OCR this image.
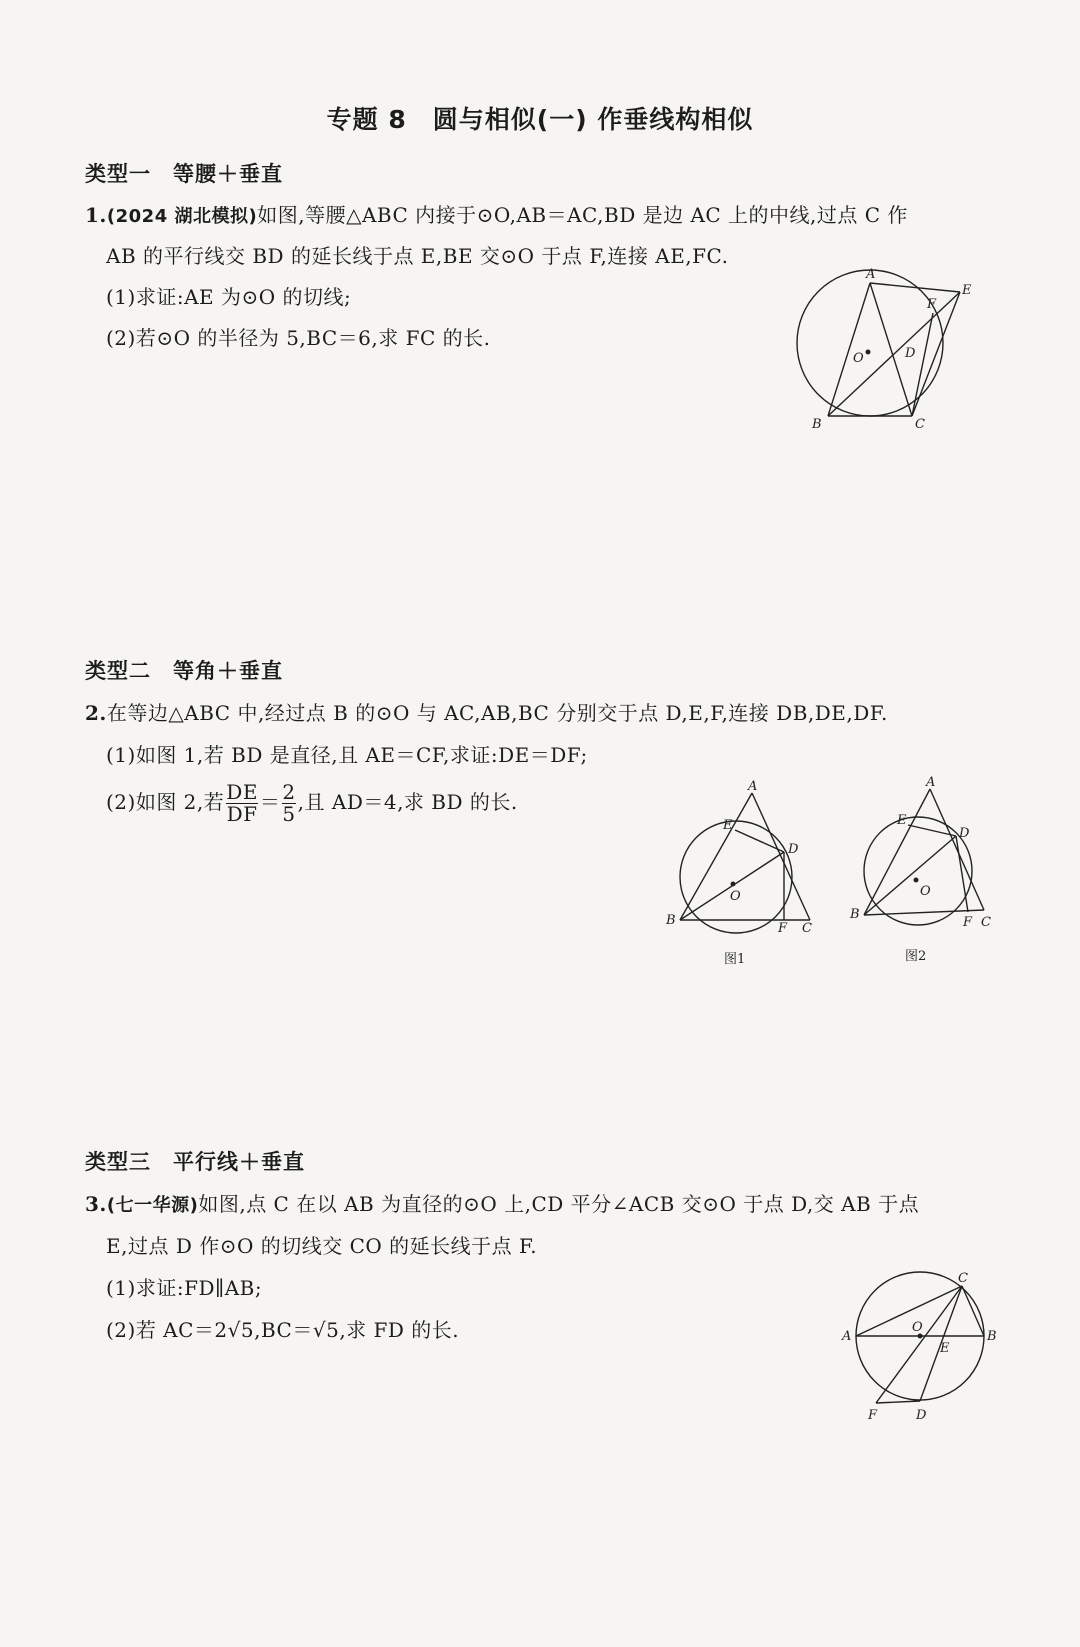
专题 8　圆与相似(一) 作垂线构相似
类型一　等腰＋垂直
1.(2024 湖北模拟)如图,等腰△ABC 内接于⊙O,AB＝AC,BD 是边 AC 上的中线,过点 C 作
AB 的平行线交 BD 的延长线于点 E,BE 交⊙O 于点 F,连接 AE,FC.
(1)求证:AE 为⊙O 的切线;
(2)若⊙O 的半径为 5,BC＝6,求 FC 的长.
A
E
F
D
O
B	C
类型二　等角＋垂直
2.在等边△ABC 中,经过点 B 的⊙O 与 AC,AB,BC 分别交于点 D,E,F,连接 DB,DE,DF.
(1)如图 1,若 BD 是直径,且 AE＝CF,求证:DE＝DF;
(2)如图 2,若 $\frac{DE}{DF} = \frac{2}{5}$ ,且 AD＝4,求 BD 的长.
A
E
D
O
B
F C
图1
A
E
D
O
B
F C
图2
类型三　平行线＋垂直
3.(七一华源)如图,点 C 在以 AB 为直径的⊙O 上,CD 平分∠ACB 交⊙O 于点 D,交 AB 于点
E,过点 D 作⊙O 的切线交 CO 的延长线于点 F.
(1)求证:FD∥AB;
(2)若 AC＝2√5,BC＝√5,求 FD 的长.
C
A	B
O
E
F	D
